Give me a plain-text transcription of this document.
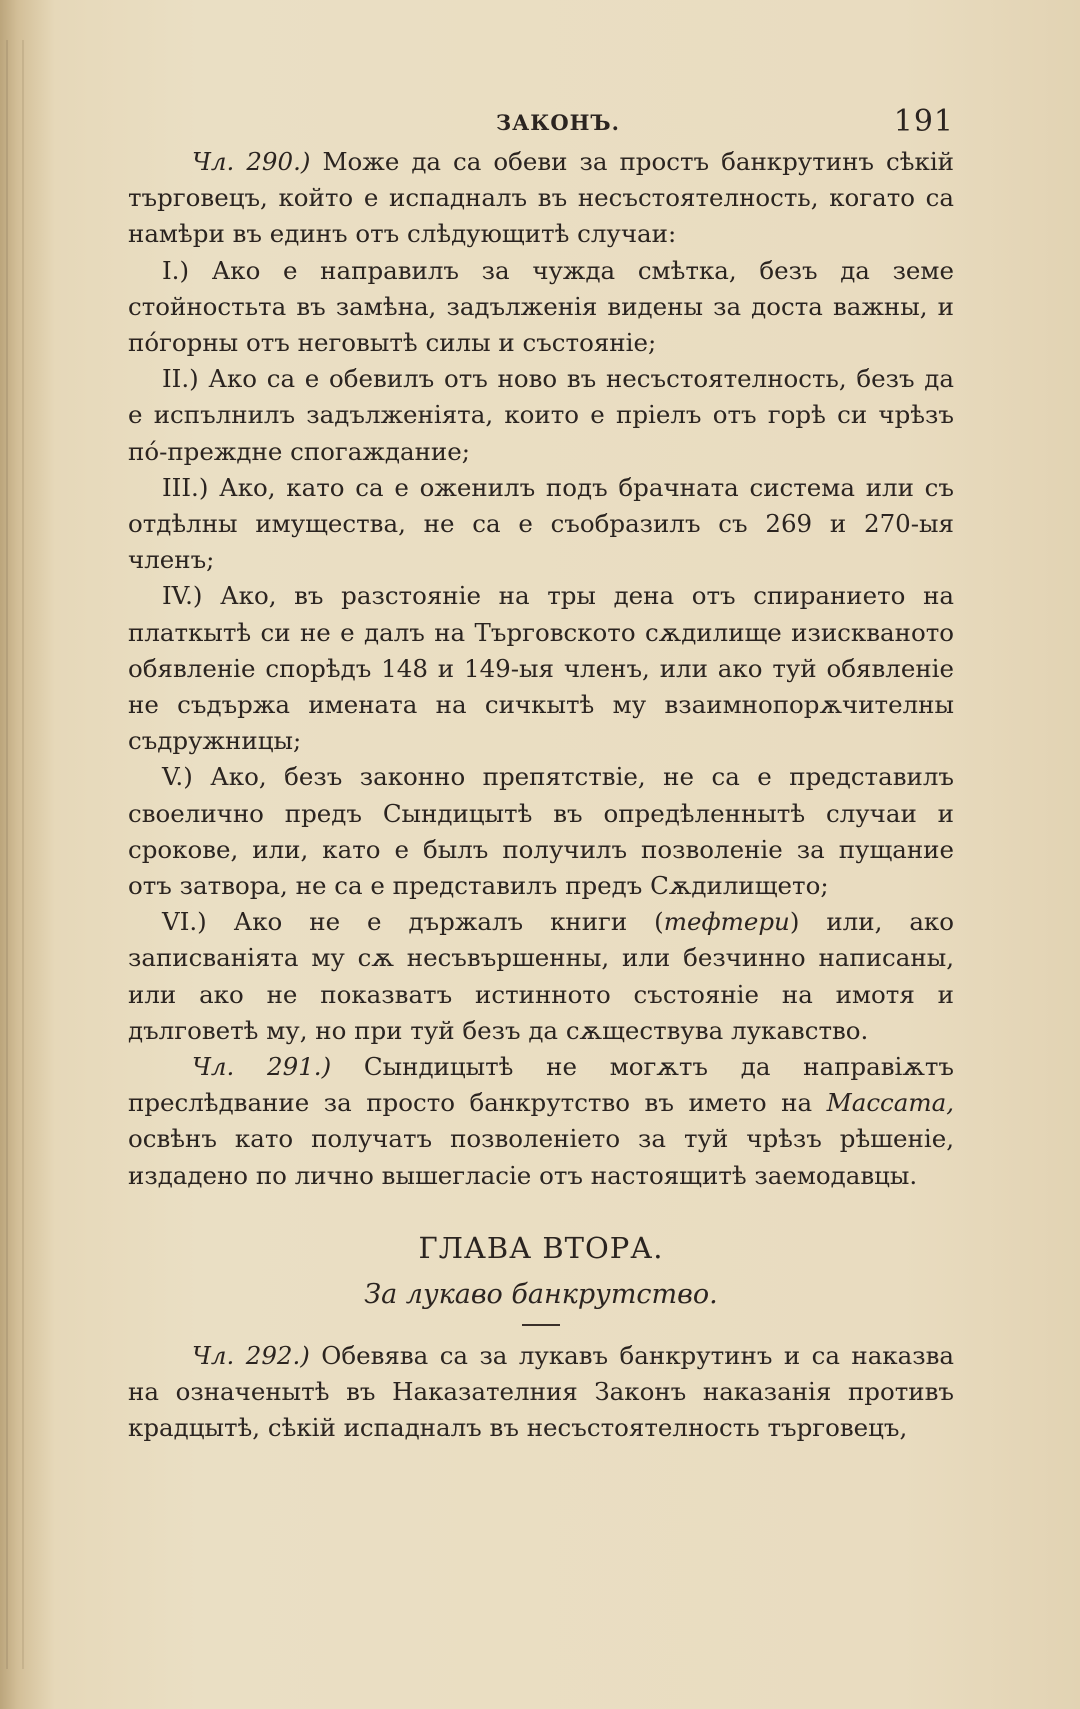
ЗАКОНЪ.	191

Чл. 290.) Може да са обеви за простъ банкрутинъ сѣкій търговецъ, който е испадналъ въ несъстоятелность, когато са намѣри въ единъ отъ слѣдующитѣ случаи:

I.) Ако е направилъ за чужда смѣтка, безъ да земе стойностьта въ замѣна, задълженія видены за доста важны, и по́горны отъ неговытѣ силы и състояніе;

II.) Ако са е обевилъ отъ ново въ несъстоятелность, безъ да е испълнилъ задълженіята, които е пріелъ отъ горѣ си чрѣзъ по́-преждне спогаждание;

III.) Ако, като са е оженилъ подъ брачната система или съ отдѣлны имущества, не са е съобразилъ съ 269 и 270-ыя членъ;

IV.) Ако, въ разстояніе на тры дена отъ спиранието на платкытѣ си не е далъ на Търговското сѫдилище изискваното обявленіе спорѣдъ 148 и 149-ыя членъ, или ако туй обявленіе не съдържа имената на сичкытѣ му взаимнопорѫчителны съдружницы;

V.) Ако, безъ законно препятствіе, не са е представилъ своелично предъ Сындицытѣ въ опредѣленнытѣ случаи и срокове, или, като е былъ получилъ позволеніе за пущание отъ затвора, не са е представилъ предъ Сѫдилището;

VI.) Ако не е държалъ книги (тефтери) или, ако записваніята му сѫ несъвършенны, или безчинно написаны, или ако не показватъ истинното състояніе на имотя и дълговетѣ му, но при туй безъ да сѫществува лукавство.

Чл. 291.) Сындицытѣ не могѫтъ да направіѫтъ преслѣдвание за просто банкрутство въ името на Массата, освѣнъ като получатъ позволеніето за туй чрѣзъ рѣшеніе, издадено по лично вышегласіе отъ настоящитѣ заемодавцы.

ГЛАВА ВТОРА.
За лукаво банкрутство.

Чл. 292.) Обевява са за лукавъ банкрутинъ и са наказва на означенытѣ въ Наказателния Законъ наказанія противъ крадцытѣ, сѣкій испадналъ въ несъстоятелность търговецъ,
